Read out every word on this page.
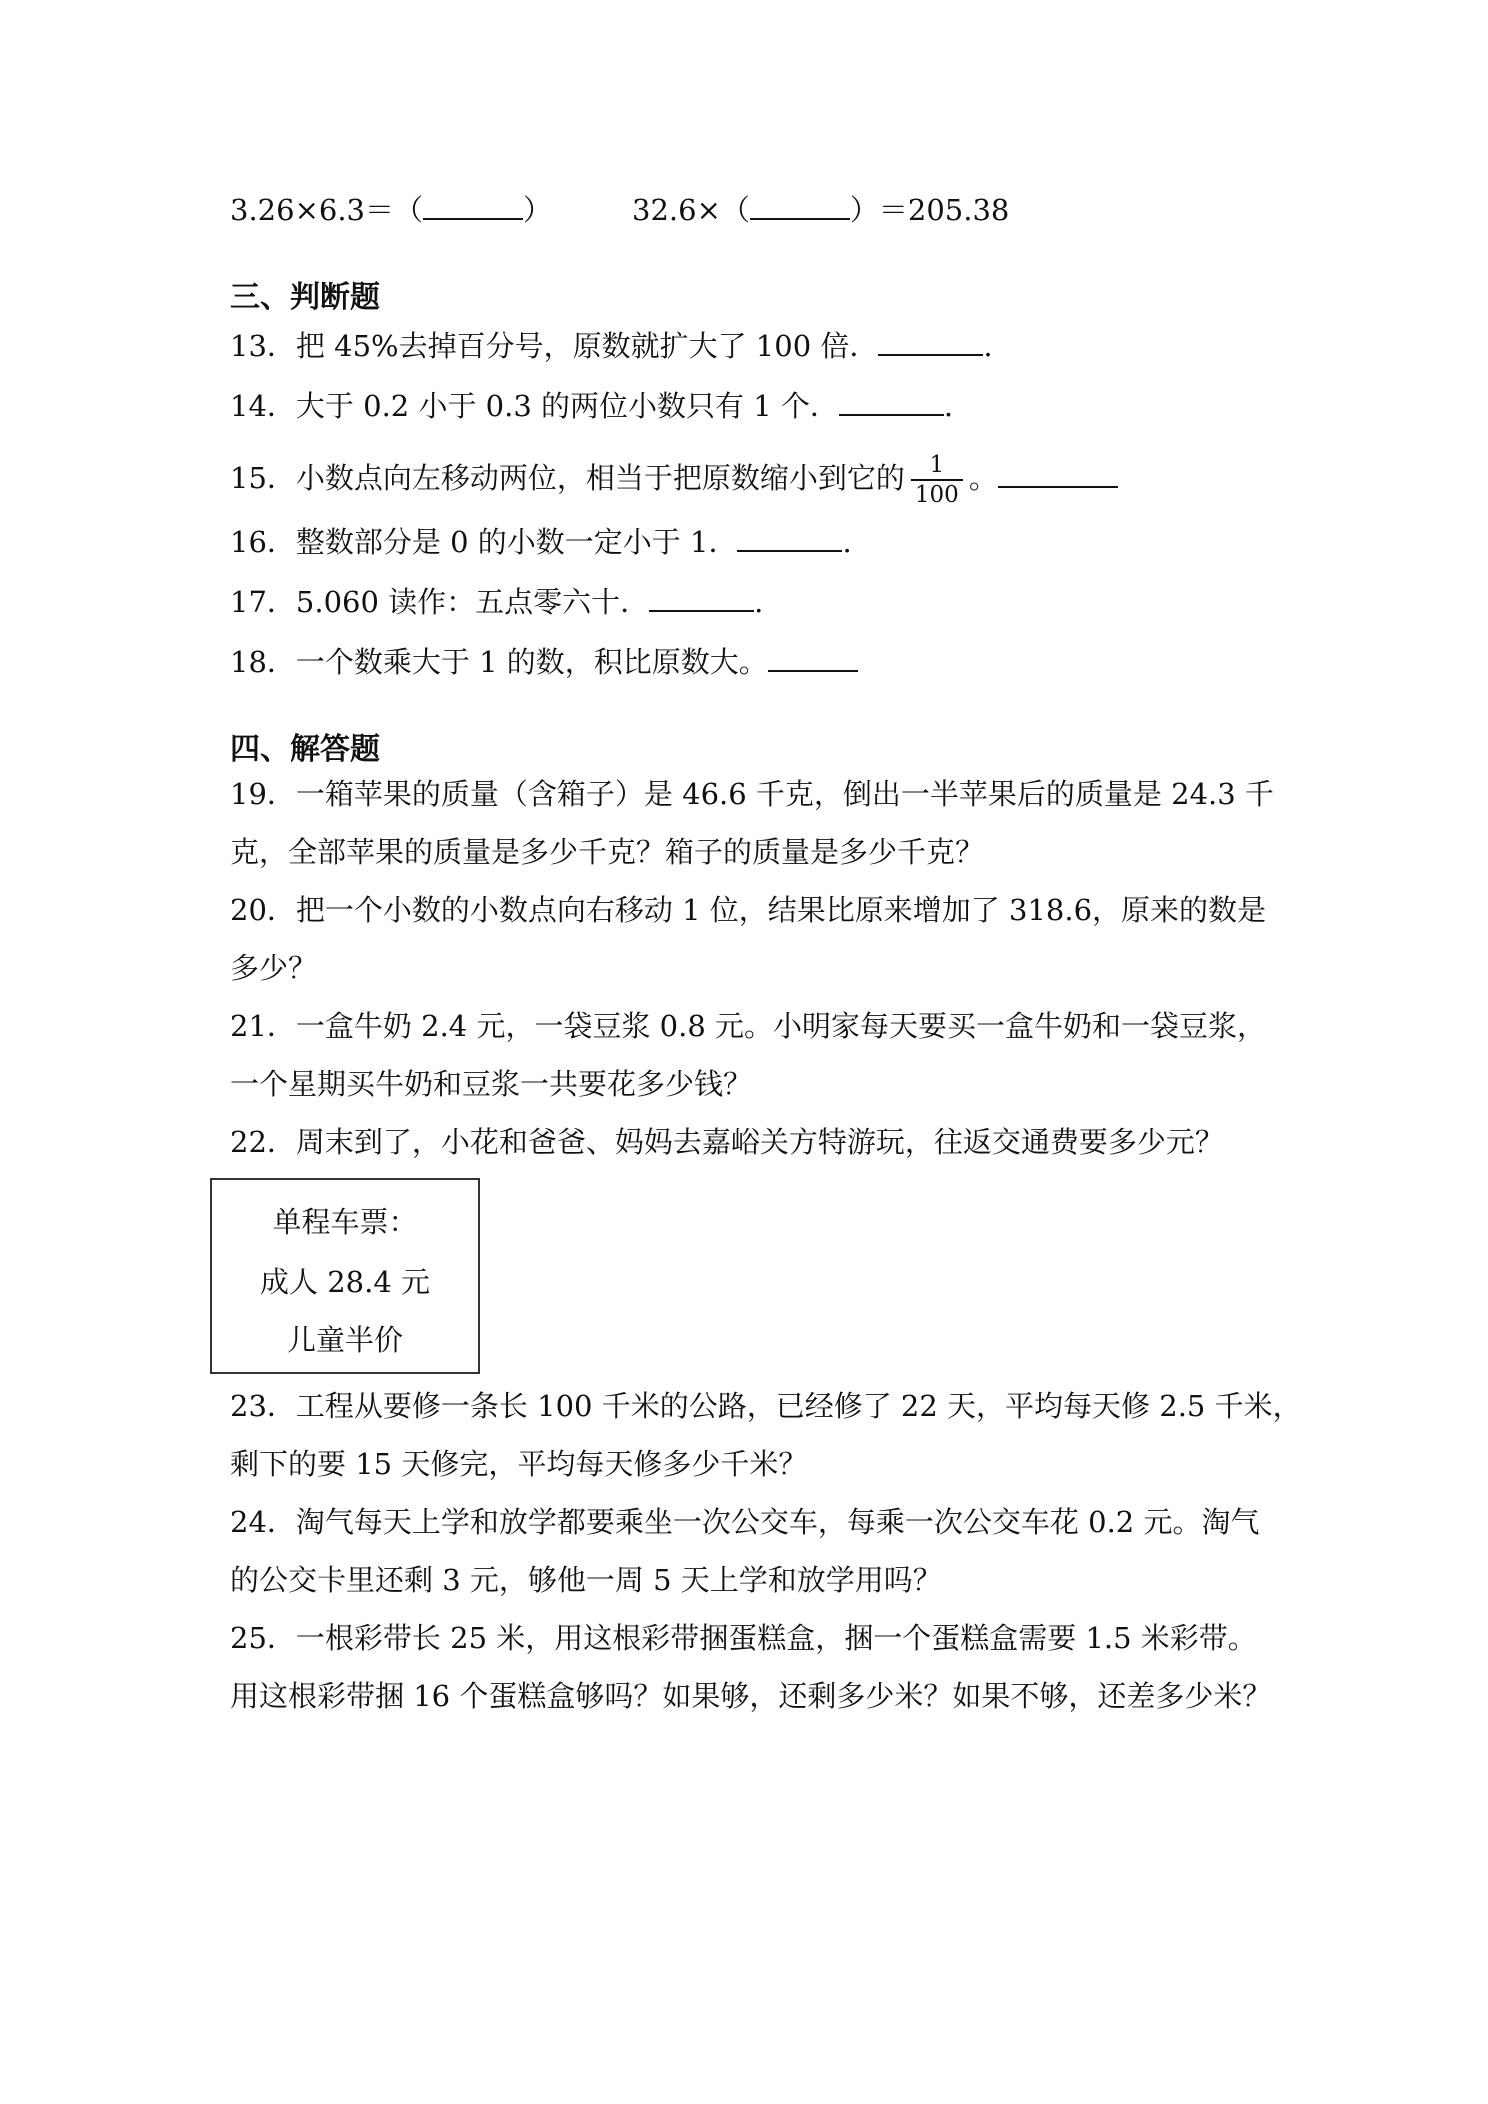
3.26×6.3＝（	）	32.6×（	）＝205.38
三、判断题
13．把 45%去掉百分号，原数就扩大了 100 倍．	.
14．大于 0.2 小于 0.3 的两位小数只有 1 个．	.
15．小数点向左移动两位，相当于把原数缩小到它的 $\frac{1}{100}$ 。
16．整数部分是 0 的小数一定小于 1．	.
17．5.060 读作：五点零六十．	.
18．一个数乘大于 1 的数，积比原数大。
四、解答题
19．一箱苹果的质量（含箱子）是 46.6 千克，倒出一半苹果后的质量是 24.3 千
克，全部苹果的质量是多少千克？箱子的质量是多少千克？
20．把一个小数的小数点向右移动 1 位，结果比原来增加了 318.6，原来的数是
多少？
21．一盒牛奶 2.4 元，一袋豆浆 0.8 元。小明家每天要买一盒牛奶和一袋豆浆，
一个星期买牛奶和豆浆一共要花多少钱？
22．周末到了，小花和爸爸、妈妈去嘉峪关方特游玩，往返交通费要多少元？
单程车票：
成人 28.4 元
儿童半价
23．工程从要修一条长 100 千米的公路，已经修了 22 天，平均每天修 2.5 千米，
剩下的要 15 天修完，平均每天修多少千米？
24．淘气每天上学和放学都要乘坐一次公交车，每乘一次公交车花 0.2 元。淘气
的公交卡里还剩 3 元，够他一周 5 天上学和放学用吗？
25．一根彩带长 25 米，用这根彩带捆蛋糕盒，捆一个蛋糕盒需要 1.5 米彩带。
用这根彩带捆 16 个蛋糕盒够吗？如果够，还剩多少米？如果不够，还差多少米？
